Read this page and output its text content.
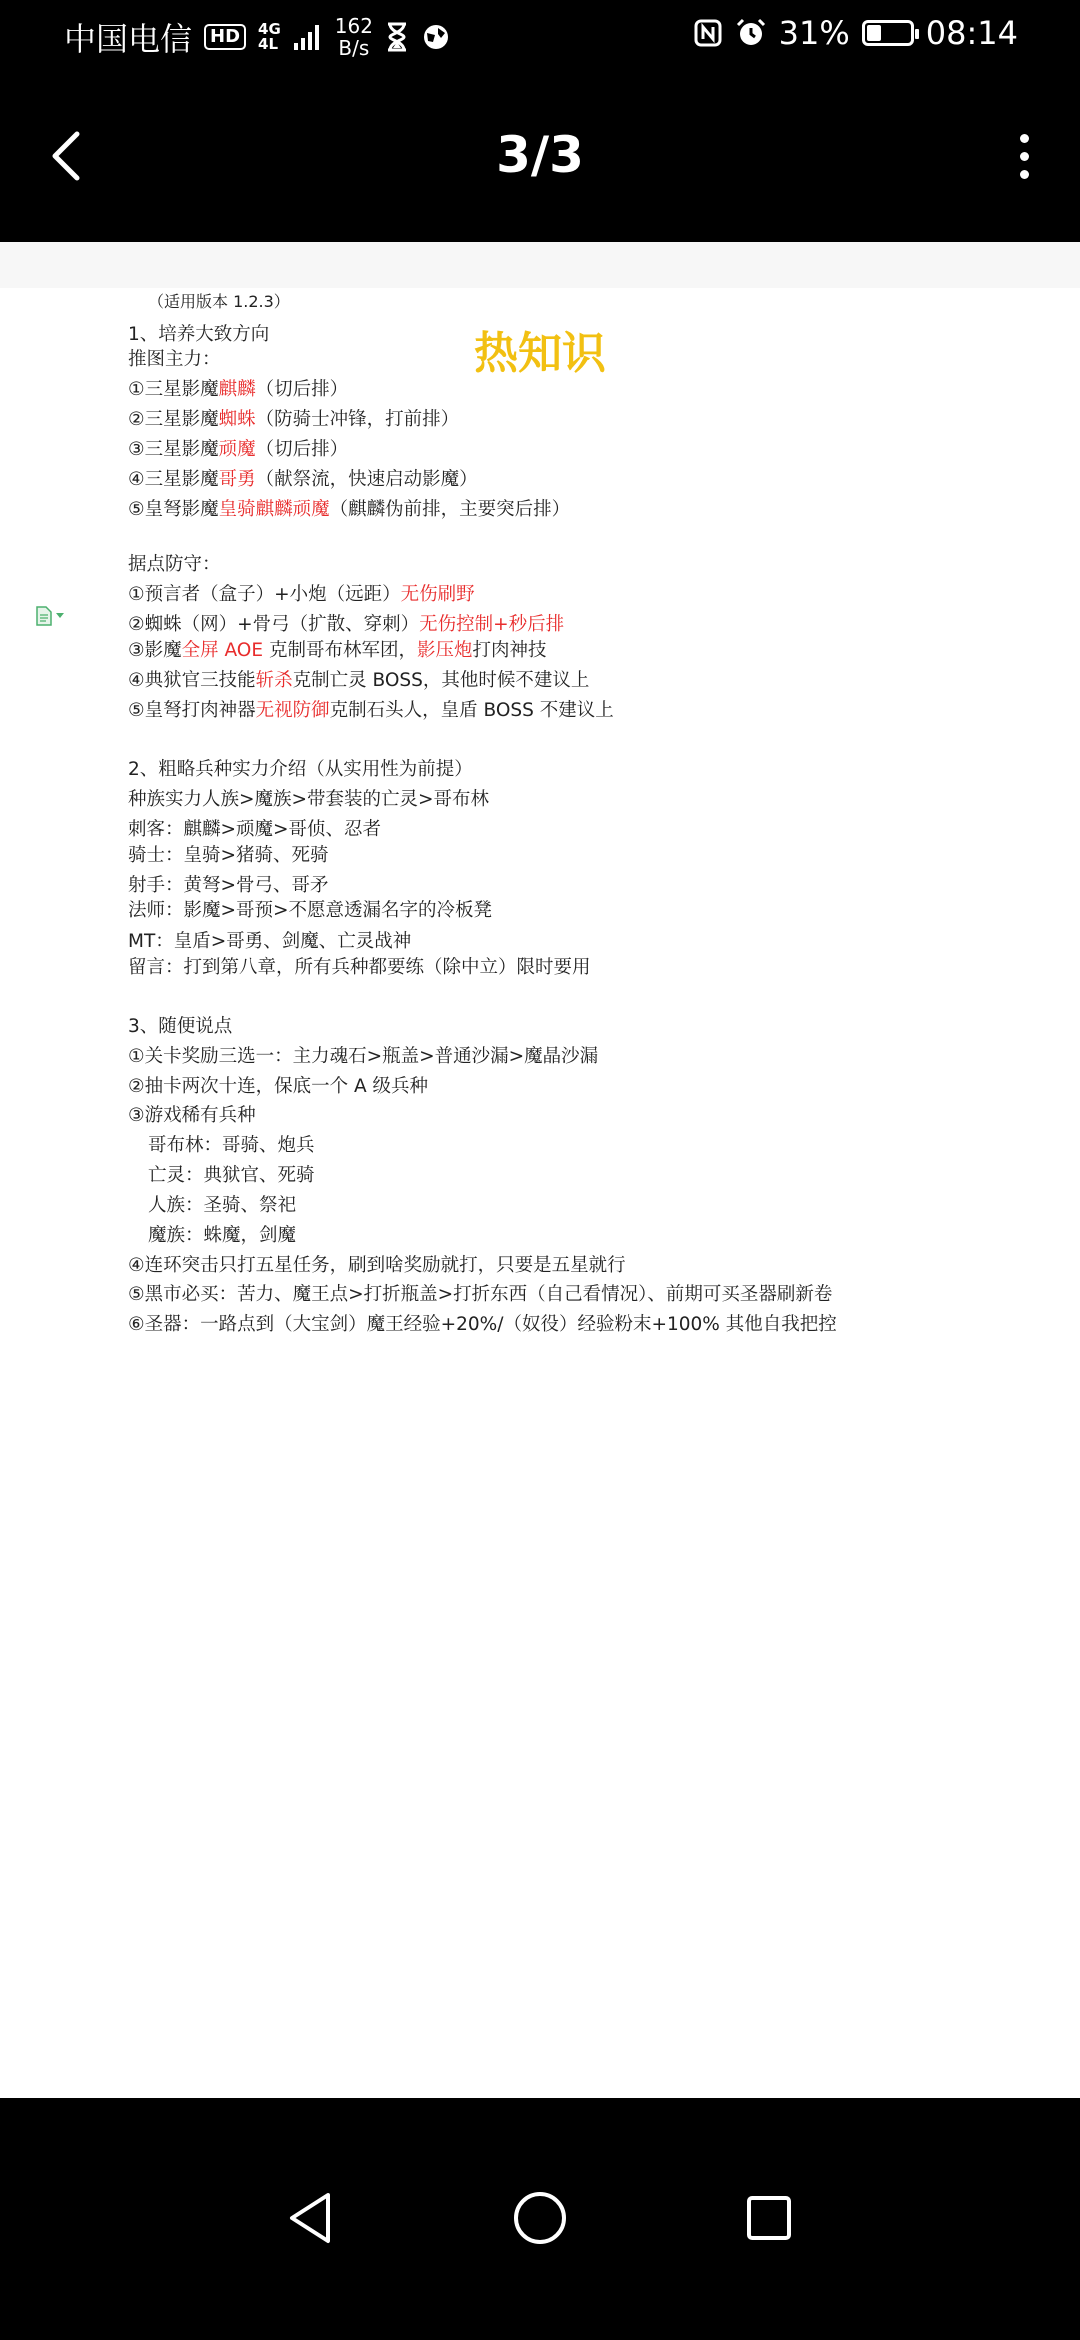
中国电信	HD	4G
4L
162
B/s	31% 08:14
3/3
热知识
（适用版本 1.2.3）
1、培养大致方向
推图主力：
①三星影魔麒麟（切后排）
②三星影魔蜘蛛（防骑士冲锋，打前排）
③三星影魔顽魔（切后排）
④三星影魔哥勇（献祭流，快速启动影魔）
⑤皇弩影魔皇骑麒麟顽魔（麒麟伪前排，主要突后排）
据点防守：
①预言者（盒子）+小炮（远距）无伤刷野
②蜘蛛（网）+骨弓（扩散、穿刺）无伤控制+秒后排
③影魔全屏 AOE 克制哥布林军团，影压炮打肉神技
④典狱官三技能斩杀克制亡灵 BOSS，其他时候不建议上
⑤皇弩打肉神器无视防御克制石头人，皇盾 BOSS 不建议上
2、粗略兵种实力介绍（从实用性为前提）
种族实力人族>魔族>带套装的亡灵>哥布林
刺客：麒麟>顽魔>哥侦、忍者
骑士：皇骑>猪骑、死骑
射手：黄弩>骨弓、哥矛
法师：影魔>哥预>不愿意透漏名字的冷板凳
MT：皇盾>哥勇、剑魔、亡灵战神
留言：打到第八章，所有兵种都要练（除中立）限时要用
3、随便说点
①关卡奖励三选一：主力魂石>瓶盖>普通沙漏>魔晶沙漏
②抽卡两次十连，保底一个 A 级兵种
③游戏稀有兵种
哥布林：哥骑、炮兵
亡灵：典狱官、死骑
人族：圣骑、祭祀
魔族：蛛魔，剑魔
④连环突击只打五星任务，刷到啥奖励就打，只要是五星就行
⑤黑市必买：苦力、魔王点>打折瓶盖>打折东西（自己看情况）、前期可买圣器刷新卷
⑥圣器：一路点到（大宝剑）魔王经验+20%/（奴役）经验粉末+100% 其他自我把控
